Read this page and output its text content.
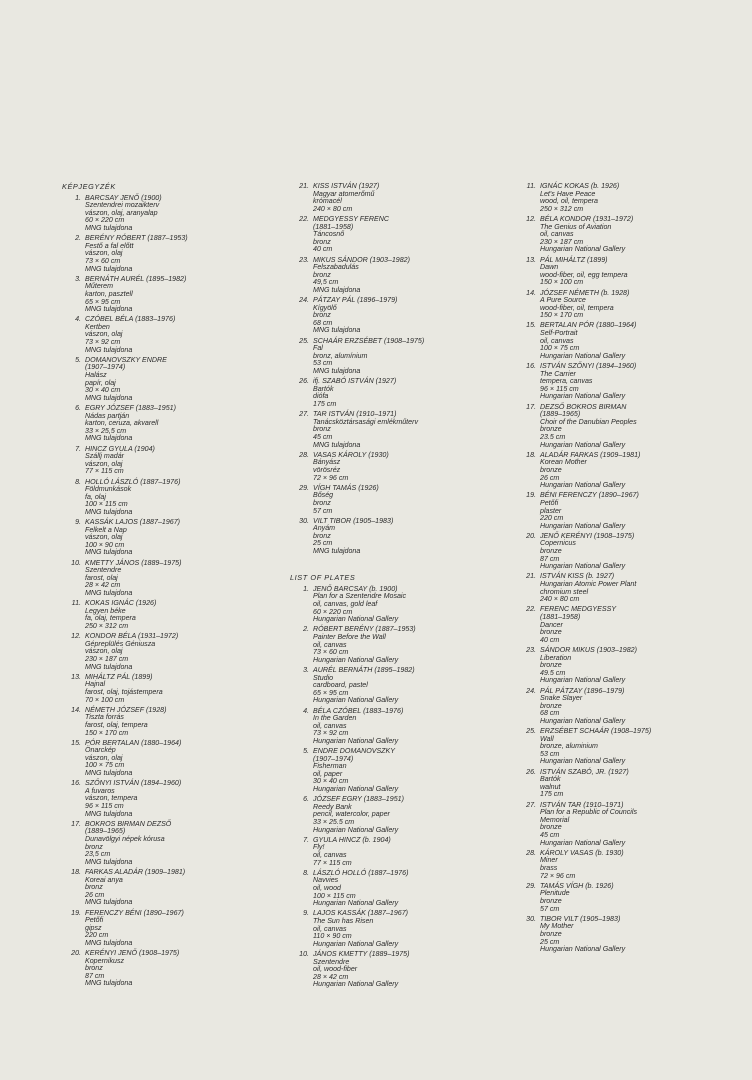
KÉPJEGYZÉK
1. BARCSAY JENŐ (1900)
Szentendrei mozaikterv
vászon, olaj, aranyalap
60 × 220 cm
MNG tulajdona
2. BERÉNY RÓBERT (1887–1953)
Festő a fal előtt
vászon, olaj
73 × 60 cm
MNG tulajdona
3. BERNÁTH AURÉL (1895–1982)
Műterem
karton, pasztell
65 × 95 cm
MNG tulajdona
4. CZÓBEL BÉLA (1883–1976)
Kertben
vászon, olaj
73 × 92 cm
MNG tulajdona
5. DOMANOVSZKY ENDRE
(1907–1974)
Halász
papír, olaj
30 × 40 cm
MNG tulajdona
6. EGRY JÓZSEF (1883–1951)
Nádas partján
karton, ceruza, akvarell
33 × 25,5 cm
MNG tulajdona
7. HINCZ GYULA (1904)
Szállj madár
vászon, olaj
77 × 115 cm
8. HOLLÓ LÁSZLÓ (1887–1976)
Földmunkások
fa, olaj
100 × 115 cm
MNG tulajdona
9. KASSÁK LAJOS (1887–1967)
Felkelt a Nap
vászon, olaj
100 × 90 cm
MNG tulajdona
10. KMETTY JÁNOS (1889–1975)
Szentendre
farost, olaj
28 × 42 cm
MNG tulajdona
11. KOKAS IGNÁC (1926)
Legyen béke
fa, olaj, tempera
250 × 312 cm
12. KONDOR BÉLA (1931–1972)
Gépreplülés Géniusza
vászon, olaj
230 × 187 cm
MNG tulajdona
13. MIHÁLTZ PÁL (1899)
Hajnal
farost, olaj, tojástempera
70 × 100 cm
14. NÉMETH JÓZSEF (1928)
Tiszta forrás
farost, olaj, tempera
150 × 170 cm
15. PÓR BERTALAN (1880–1964)
Önarckép
vászon, olaj
100 × 75 cm
MNG tulajdona
16. SZŐNYI ISTVÁN (1894–1960)
A fuvaros
vászon, tempera
96 × 115 cm
MNG tulajdona
17. BOKROS BIRMAN DEZSŐ
(1889–1965)
Dunavölgyi népek kórusa
bronz
23,5 cm
MNG tulajdona
18. FARKAS ALADÁR (1909–1981)
Koreai anya
bronz
26 cm
MNG tulajdona
19. FERENCZY BÉNI (1890–1967)
Petőfi
gipsz
220 cm
MNG tulajdona
20. KERÉNYI JENŐ (1908–1975)
Kopernikusz
bronz
87 cm
MNG tulajdona
21. KISS ISTVÁN (1927)
Magyar atomerőmű
krómacél
240 × 80 cm
22. MEDGYESSY FERENC
(1881–1958)
Táncosnő
bronz
40 cm
23. MIKUS SÁNDOR (1903–1982)
Felszabadulás
bronz
49,5 cm
MNG tulajdona
24. PÁTZAY PÁL (1896–1979)
Kígyölő
bronz
68 cm
MNG tulajdona
25. SCHAÁR ERZSÉBET (1908–1975)
Fal
bronz, alumínium
53 cm
MNG tulajdona
26. ifj. SZABÓ ISTVÁN (1927)
Bartók
diófa
175 cm
27. TAR ISTVÁN (1910–1971)
Tanácsköztársasági emlékműterv
bronz
45 cm
MNG tulajdona
28. VASAS KÁROLY (1930)
Bányász
vörösréz
72 × 96 cm
29. VÍGH TAMÁS (1926)
Bőség
bronz
57 cm
30. VILT TIBOR (1905–1983)
Anyám
bronz
25 cm
MNG tulajdona
LIST OF PLATES
1. JENŐ BARCSAY (b. 1900)
Plan for a Szentendre Mosaic
oil, canvas, gold leaf
60 × 220 cm
Hungarian National Gallery
2. RÓBERT BERÉNY (1887–1953)
Painter Before the Wall
oil, canvas
73 × 60 cm
Hungarian National Gallery
3. AURÉL BERNÁTH (1895–1982)
Studio
cardboard, pastel
65 × 95 cm
Hungarian National Gallery
4. BÉLA CZÓBEL (1883–1976)
In the Garden
oil, canvas
73 × 92 cm
Hungarian National Gallery
5. ENDRE DOMANOVSZKY
(1907–1974)
Fisherman
oil, paper
30 × 40 cm
Hungarian National Gallery
6. JÓZSEF EGRY (1883–1951)
Reedy Bank
pencil, watercolor, paper
33 × 25.5 cm
Hungarian National Gallery
7. GYULA HINCZ (b. 1904)
Fly!
oil, canvas
77 × 115 cm
8. LÁSZLÓ HOLLÓ (1887–1976)
Navvies
oil, wood
100 × 115 cm
Hungarian National Gallery
9. LAJOS KASSÁK (1887–1967)
The Sun has Risen
oil, canvas
110 × 90 cm
Hungarian National Gallery
10. JÁNOS KMETTY (1889–1975)
Szentendre
oil, wood-fiber
28 × 42 cm
Hungarian National Gallery
11. IGNÁC KOKAS (b. 1926)
Let's Have Peace
wood, oil, tempera
250 × 312 cm
12. BÉLA KONDOR (1931–1972)
The Genius of Aviation
oil, canvas
230 × 187 cm
Hungarian National Gallery
13. PÁL MIHÁLTZ (1899)
Dawn
wood-fiber, oil, egg tempera
150 × 100 cm
14. JÓZSEF NÉMETH (b. 1928)
A Pure Source
wood-fiber, oil, tempera
150 × 170 cm
15. BERTALAN PÓR (1880–1964)
Self-Portrait
oil, canvas
100 × 75 cm
Hungarian National Gallery
16. ISTVÁN SZŐNYI (1894–1960)
The Carrier
tempera, canvas
96 × 115 cm
Hungarian National Gallery
17. DEZSŐ BOKROS BIRMAN
(1889–1965)
Choir of the Danubian Peoples
bronze
23.5 cm
Hungarian National Gallery
18. ALADÁR FARKAS (1909–1981)
Korean Mother
bronze
26 cm
Hungarian National Gallery
19. BÉNI FERENCZY (1890–1967)
Petőfi
plaster
220 cm
Hungarian National Gallery
20. JENŐ KERÉNYI (1908–1975)
Copernicus
bronze
87 cm
Hungarian National Gallery
21. ISTVÁN KISS (b. 1927)
Hungarian Atomic Power Plant
chromium steel
240 × 80 cm
22. FERENC MEDGYESSY
(1881–1958)
Dancer
bronze
40 cm
23. SÁNDOR MIKUS (1903–1982)
Liberation
bronze
49.5 cm
Hungarian National Gallery
24. PÁL PÁTZAY (1896–1979)
Snake Slayer
bronze
68 cm
Hungarian National Gallery
25. ERZSÉBET SCHAÁR (1908–1975)
Wall
bronze, aluminium
53 cm
Hungarian National Gallery
26. ISTVÁN SZABÓ, JR. (1927)
Bartók
walnut
175 cm
27. ISTVÁN TAR (1910–1971)
Plan for a Republic of Councils
Memorial
bronze
45 cm
Hungarian National Gallery
28. KÁROLY VASAS (b. 1930)
Miner
brass
72 × 96 cm
29. TAMÁS VÍGH (b. 1926)
Plenitude
bronze
57 cm
30. TIBOR VILT (1905–1983)
My Mother
bronze
25 cm
Hungarian National Gallery
